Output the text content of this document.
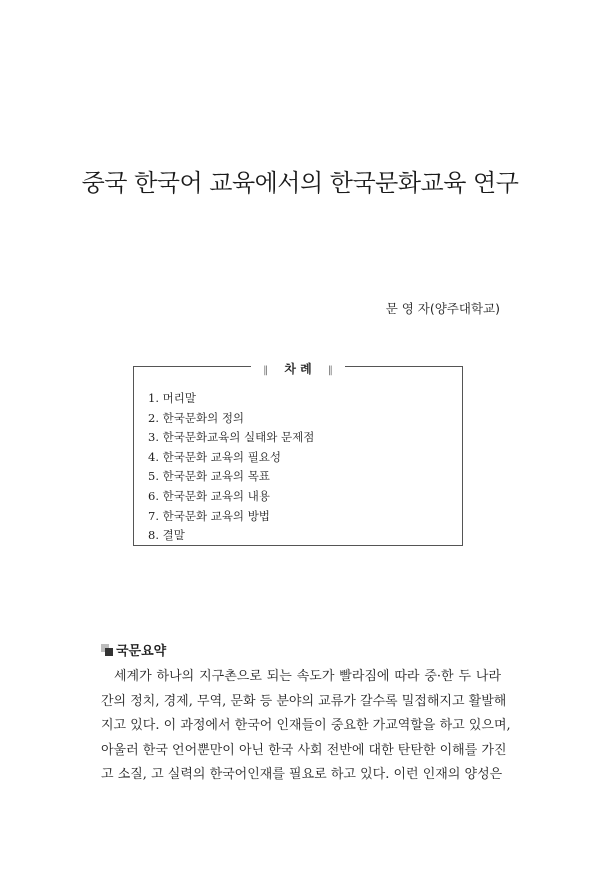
중국 한국어 교육에서의 한국문화교육 연구
문 영 자(양주대학교)
‖ 차 례 ‖
1. 머리말
2. 한국문화의 정의
3. 한국문화교육의 실태와 문제점
4. 한국문화 교육의 필요성
5. 한국문화 교육의 목표
6. 한국문화 교육의 내용
7. 한국문화 교육의 방법
8. 결말
국문요약

세계가 하나의 지구촌으로 되는 속도가 빨라짐에 따라 중·한 두 나라
간의 정치, 경제, 무역, 문화 등 분야의 교류가 갈수록 밀접해지고 활발해
지고 있다. 이 과정에서 한국어 인재들이 중요한 가교역할을 하고 있으며,
아울러 한국 언어뿐만이 아닌 한국 사회 전반에 대한 탄탄한 이해를 가진
고 소질, 고 실력의 한국어인재를 필요로 하고 있다. 이런 인재의 양성은
